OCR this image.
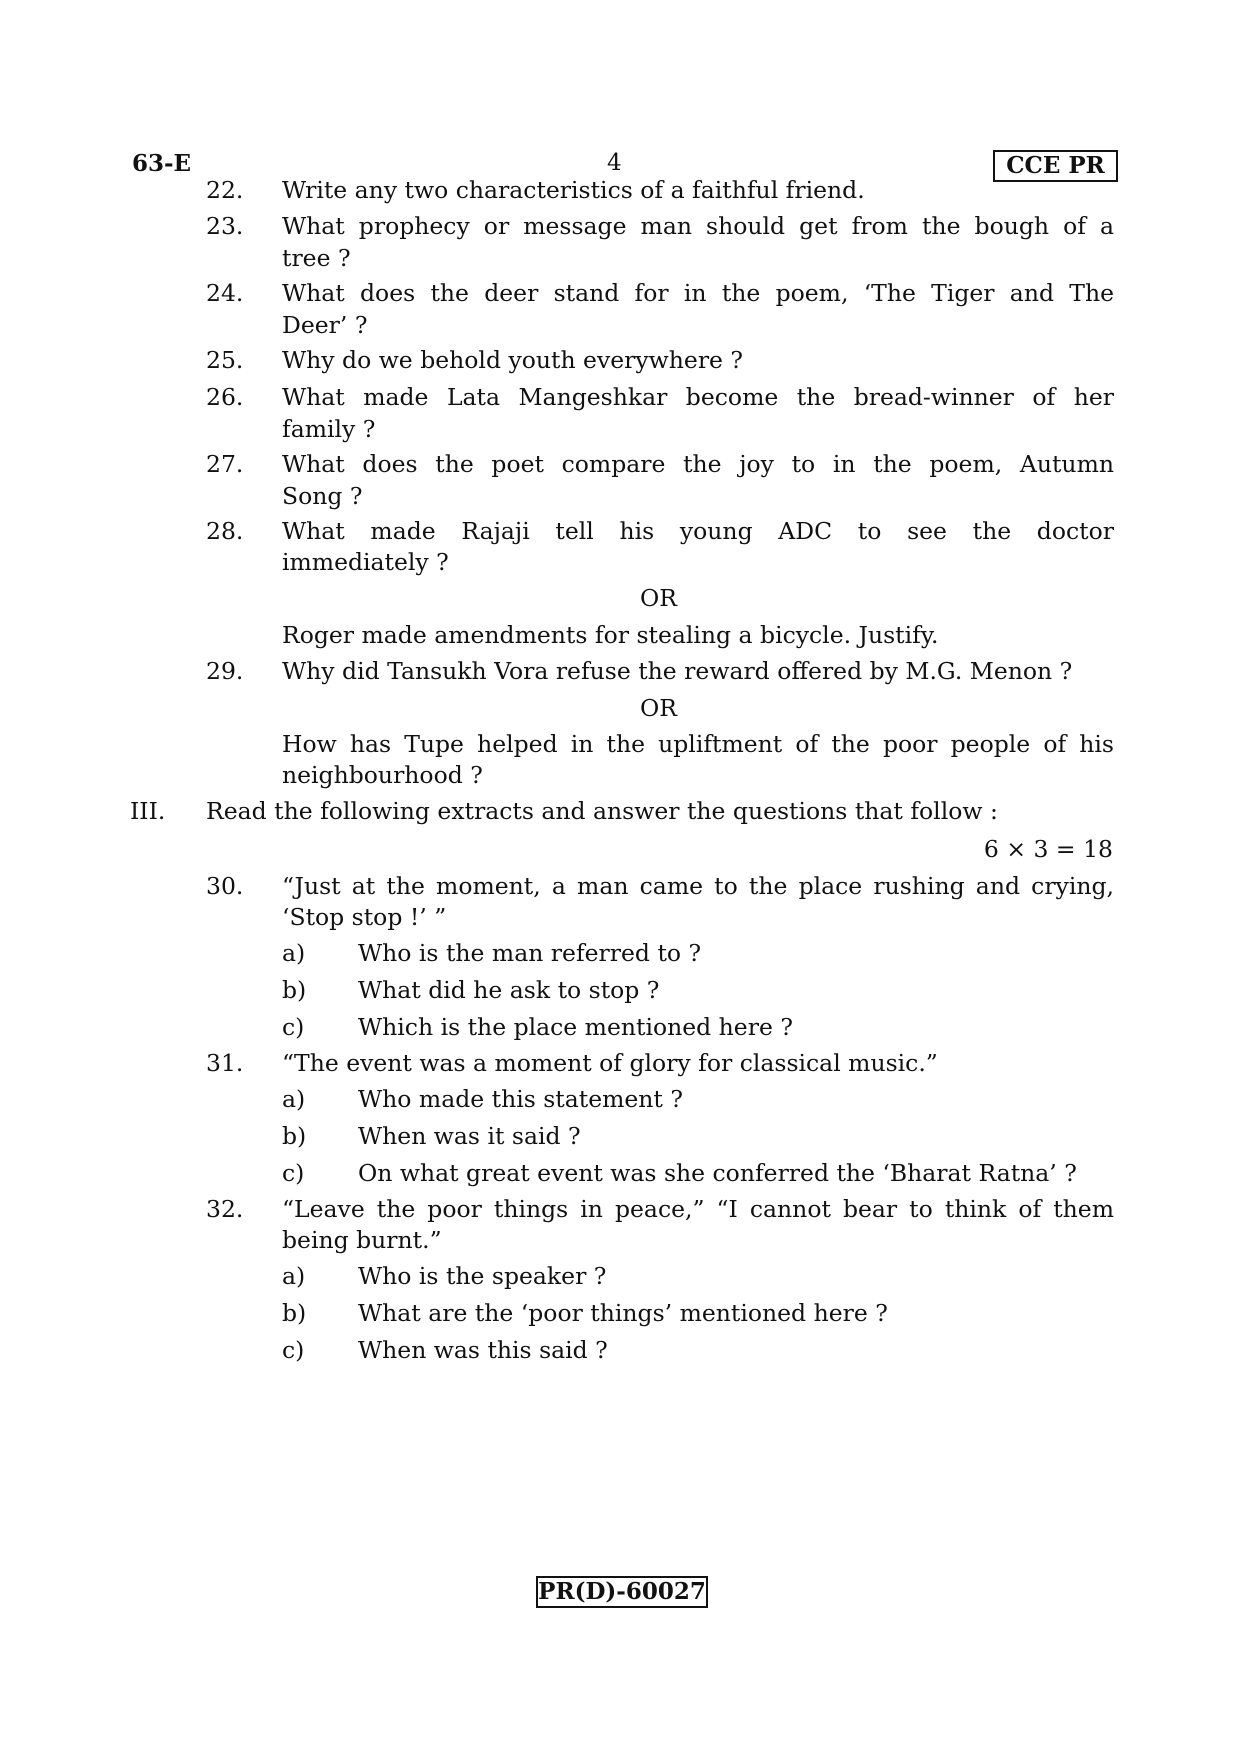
63-E	4	CCE PR
22.	Write any two characteristics of a faithful friend.
23.	What prophecy or message man should get from the bough of a
tree ?
24.	What does the deer stand for in the poem, ‘The Tiger and The
Deer’ ?
25.	Why do we behold youth everywhere ?
26.	What made Lata Mangeshkar become the bread-winner of her
family ?
27.	What does the poet compare the joy to in the poem, Autumn
Song ?
28.	What made Rajaji tell his young ADC to see the doctor
immediately ?
OR
Roger made amendments for stealing a bicycle. Justify.
29.	Why did Tansukh Vora refuse the reward offered by M.G. Menon ?
OR
How has Tupe helped in the upliftment of the poor people of his
neighbourhood ?
III. Read the following extracts and answer the questions that follow :
6 × 3 = 18
30.	“Just at the moment, a man came to the place rushing and crying,
‘Stop stop !’ ”
a)	Who is the man referred to ?
b)	What did he ask to stop ?
c)	Which is the place mentioned here ?
31.	“The event was a moment of glory for classical music.”
a)	Who made this statement ?
b)	When was it said ?
c)	On what great event was she conferred the ‘Bharat Ratna’ ?
32.	“Leave the poor things in peace,” “I cannot bear to think of them
being burnt.”
a)	Who is the speaker ?
b)	What are the ‘poor things’ mentioned here ?
c)	When was this said ?
PR(D)-60027
